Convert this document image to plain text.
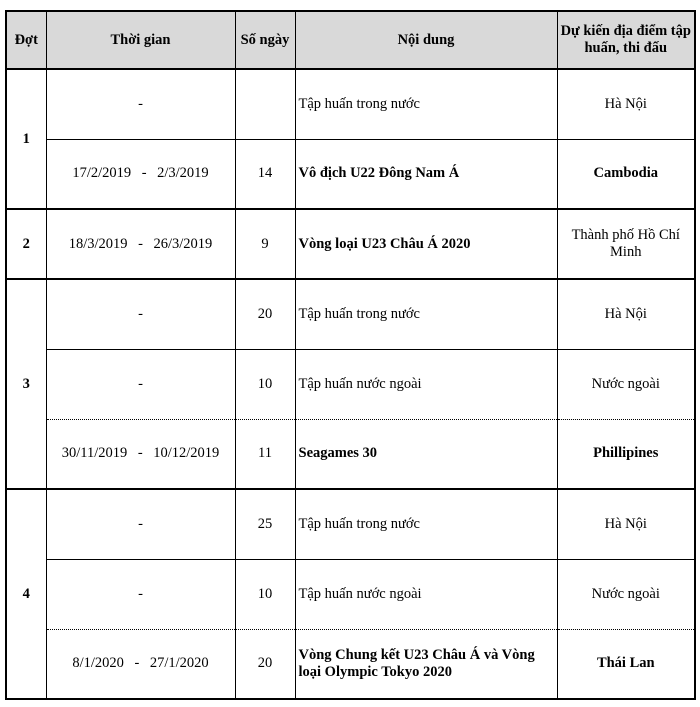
Đợt	Thời gian	Số ngày	Nội dung	Dự kiến địa điểm tập huấn, thi đấu
1	-		Tập huấn trong nước	Hà Nội
	17/2/2019 - 2/3/2019	14	Vô địch U22 Đông Nam Á	Cambodia
2	18/3/2019 - 26/3/2019	9	Vòng loại U23 Châu Á 2020	Thành phố Hồ Chí Minh
3	-	20	Tập huấn trong nước	Hà Nội
	-	10	Tập huấn nước ngoài	Nước ngoài
	30/11/2019 - 10/12/2019	11	Seagames 30	Phillipines
4	-	25	Tập huấn trong nước	Hà Nội
	-	10	Tập huấn nước ngoài	Nước ngoài
	8/1/2020 - 27/1/2020	20	Vòng Chung kết U23 Châu Á và Vòng loại Olympic Tokyo 2020	Thái Lan
